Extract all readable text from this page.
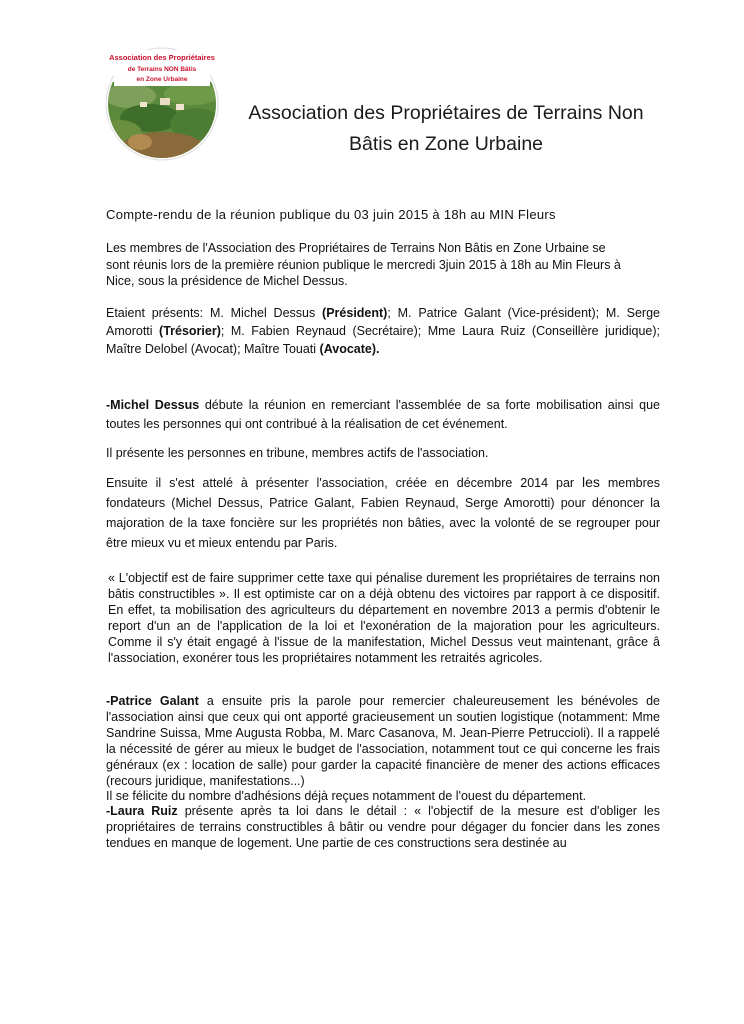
Association des Propriétaires
de Terrains NON Bâtis
en Zone Urbaine
Association des Propriétaires de Terrains Non
Bâtis en Zone Urbaine

Compte-rendu de la réunion publique du 03 juin 2015 à 18h au MIN Fleurs

Les membres de l'Association des Propriétaires de Terrains Non Bâtis en Zone Urbaine se

sont réunis lors de la première réunion publique le mercredi 3juin 2015 à 18h au Min Fleurs à

Nice, sous la présidence de Michel Dessus.

Etaient présents: M. Michel Dessus (Président); M. Patrice Galant (Vice-président); M. Serge Amorotti (Trésorier); M. Fabien Reynaud (Secrétaire); Mme Laura Ruiz (Conseillère juridique); Maître Delobel (Avocat); Maître Touati (Avocate).

-Michel Dessus débute la réunion en remerciant l'assemblée de sa forte mobilisation ainsi que toutes les personnes qui ont contribué à la réalisation de cet événement.

Il présente les personnes en tribune, membres actifs de l'association.

Ensuite il s'est attelé à présenter l'association, créée en décembre 2014 par les membres fondateurs (Michel Dessus, Patrice Galant, Fabien Reynaud, Serge Amorotti) pour dénoncer la majoration de la taxe foncière sur les propriétés non bâties, avec la volonté de se regrouper pour être mieux vu et mieux entendu par Paris.

« L'objectif est de faire supprimer cette taxe qui pénalise durement les propriétaires de terrains non bâtis constructibles ». Il est optimiste car on a déjà obtenu des victoires par rapport à ce dispositif. En effet, ta mobilisation des agriculteurs du département en novembre 2013 a permis d'obtenir le report d'un an de l'application de la loi et l'exonération de la majoration pour les agriculteurs. Comme il s'y était engagé à l'issue de la manifestation, Michel Dessus veut maintenant, grâce â l'association, exonérer tous les propriétaires notamment les retraités agricoles.

-Patrice Galant a ensuite pris la parole pour remercier chaleureusement les bénévoles de l'association ainsi que ceux qui ont apporté gracieusement un soutien logistique (notamment: Mme Sandrine Suissa, Mme Augusta Robba, M. Marc Casanova, M. Jean-Pierre Petruccioli). Il a rappelé la nécessité de gérer au mieux le budget de l'association, notamment tout ce qui concerne les frais généraux (ex : location de salle) pour garder la capacité financière de mener des actions efficaces (recours juridique, manifestations...)

Il se félicite du nombre d'adhésions déjà reçues notamment de l'ouest du département.

-Laura Ruiz présente après ta loi dans le détail : « l'objectif de la mesure est d'obliger les propriétaires de terrains constructibles â bâtir ou vendre pour dégager du foncier dans les zones tendues en manque de logement. Une partie de ces constructions sera destinée au
